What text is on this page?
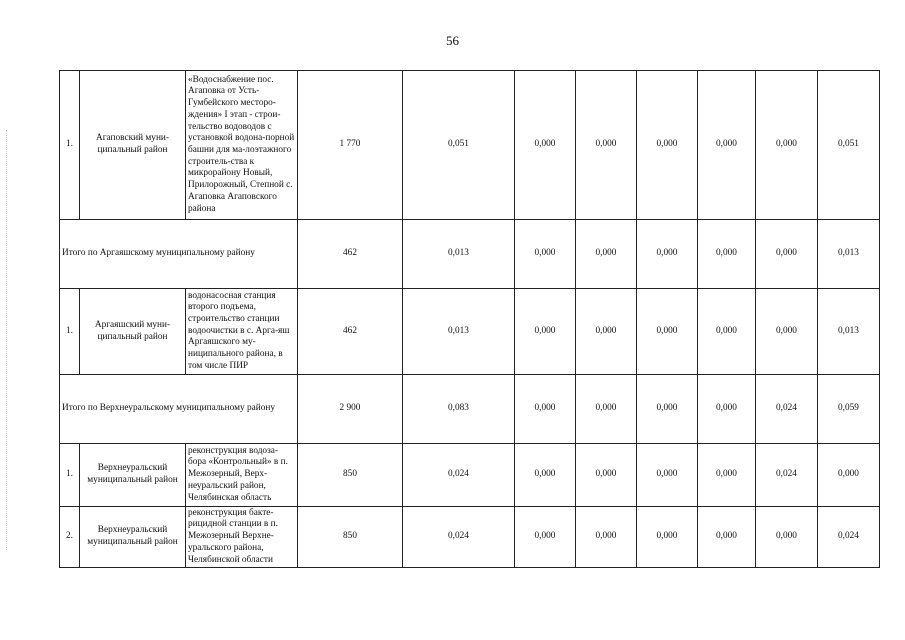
56
1.	Агаповский муни-ципальный район	«Водоснабжение пос. Агаповка от Усть-Гумбейского месторо-ждения» I этап - строи-тельство водоводов с установкой водона-порной башни для ма-лоэтажного строитель-ства к микрорайону Новый, Прилорожный, Степной с. Агаповка Агаповского района	1 770	0,051	0,000	0,000	0,000	0,000	0,000	0,051
Итого по Аргаяшскому муниципальному району			462	0,013	0,000	0,000	0,000	0,000	0,000	0,013
1.	Аргаяшский муни-ципальный район	водонасосная станция второго подъема, строительство станции водоочистки в с. Арга-яш Аргаяшского му-ниципального района, в том числе ПИР	462	0,013	0,000	0,000	0,000	0,000	0,000	0,013
Итого по Верхнеуральскому муниципальному району			2 900	0,083	0,000	0,000	0,000	0,000	0,024	0,059
1.	Верхнеуральский муниципальный район	реконструкция водоза-бора «Контрольный» в п. Межозерный, Верх-неуральский район, Челябинская область	850	0,024	0,000	0,000	0,000	0,000	0,024	0,000
2.	Верхнеуральский муниципальный район	реконструкция бакте-рицидной станции в п. Межозерный Верхне-уральского района, Челябинской области	850	0,024	0,000	0,000	0,000	0,000	0,000	0,024
